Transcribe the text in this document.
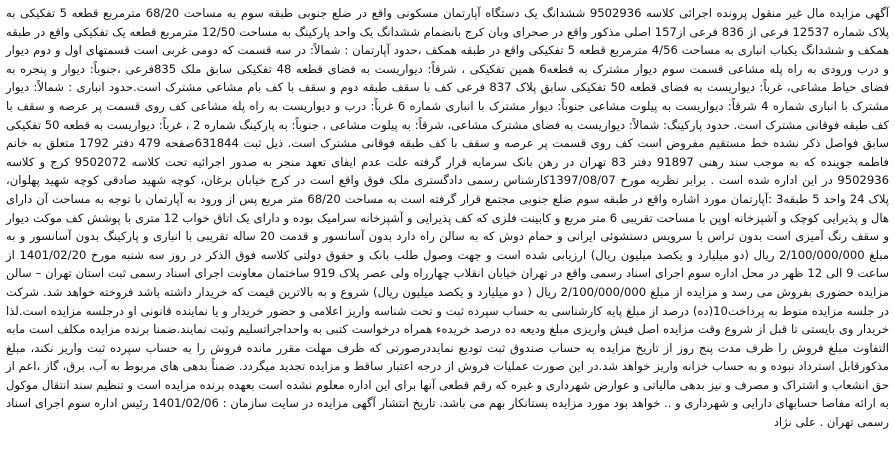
آگهی مزایده مال غیر منقول پرونده اجرائی کلاسه 9502936 ششدانگ یک دستگاه آپارتمان مسکونی واقع در ضلع جنوبی طبقه سوم به مساحت 68/20 مترمربع قطعه 5 تفکیکی به پلاک شماره 12537 فرعی از 836 فرعی از157 اصلی مذکور واقع در صحرای وبان کرج بانضمام ششدانگ یک واحد پارکینگ به مساحت 12/50 مترمربع قطعه یک تفکیکی واقع در طبقه همکف و ششدانگ یکباب انباری به مساحت 4/56 مترمربع قطعه 5 تفکیکی واقع در طبقه همکف ،حدود آپارتمان : شمالاً: در سه قسمت که دومی غربی است قسمتهای اول و دوم دیوار و درب ورودی به راه پله مشاعی قسمت سوم دیوار مشترک به قطعه6 همین تفکیکی ، شرقاً: دیواریست به فضای قطعه 48 تفکیکی سابق ملک 835فرعی ،جنوباً: دیوار و پنجره به فضای حیاط مشاعی، غرباً: دیواریست به فضای قطعه 50 تفکیکی سابق پلاک 837 فرعی کف با سقف طبقه دوم و سقف با کف بام مشاعی مشترک است.حدود انباری : شمالاً: دیوار مشترک با انباری شماره 4 شرقاً: دیواریست به پیلوت مشاعی جنوباً: دیوار مشترک با انباری شماره 6 غرباً: درب و دیواریست به راه پله مشاعی کف روی قسمت پر عرصه و سقف با کف طبقه فوقانی مشترک است. حدود پارکینگ: شمالاً: دیواریست به فضای مشترک مشاعی، شرقاً: به پیلوت مشاعی ، جنوباً: به پارکینگ شماره 2 ، غرباً: دیواریست به قطعه 50 تفکیکی سابق فواصل ذکر نشده خط مستقیم مفروض است کف روی قسمت پر عرصه و سقف با کف طبقه فوقانی مشترک است. ذیل ثبت 631844صفحه 479 دفتر 1792 متعلق به خانم فاطمه جوینده که به موجب سند رهنی 91897 دفتر 83 تهران در رهن بانک سرمایه قرار گرفته علت عدم ایفای تعهد منجر به صدور اجرائیه تحت کلاسه 9502072 کرج و کلاسه 9502936 در این اداره شده است . برابر نظریه مورخ 1397/08/07کارشناس رسمی دادگستری ملک فوق واقع است در کرج خیابان برغان، کوچه شهید صادقی کوچه شهید پهلوان، پلاک 24 واحد 5 طبقه3 :آپارتمان مورد اشاره واقع در طبقه سوم ضلع جنوبی مجتمع قرار گرفته است به مساحت 68/20 متر مربع پس از ورود به آپارتمان با توجه به مساحت آن دارای هال و پذیرایی کوچک و آشپزخانه اوپن با مساحت تقریبی 6 متر مربع و کابینت فلزی که کف پذیرایی و آشپزخانه سرامیک بوده و دارای یک اتاق خواب 12 متری با پوشش کف موکت دیوار و سقف رنگ آمیزی است بدون تراس با سرویس دستشوئی ایرانی و حمام دوش که به سالن راه دارد بدون آسانسور و قدمت 20 ساله تقریبی با انباری و پارکینگ بدون آسانسور و به مبلغ 2/100/000/000 ریال (دو میلیارد و یکصد میلیون ریال) ارزیابی شده است و جهت وصول طلب بانک و حقوق دولتی کلاسه فوق الذکر در روز سه شنبه مورخ 1401/02/20 از ساعت 9 الی 12 ظهر در محل اداره سوم اجرای اسناد رسمی واقع در تهران خیابان انقلاب چهارراه ولی عصر پلاک 919 ساختمان معاونت اجرای اسناد رسمی ثبت استان تهران – سالن مزایده حضوری بفروش می رسد و مزایده از مبلغ 2/100/000/000 ریال ( دو میلیارد و یکصد میلیون ریال) شروع و به بالاترین قیمت که خریدار داشته باشد فروخته خواهد شد. شرکت در جلسه مزایده منوط به پرداخت10(ده) درصد از مبلغ پایه کارشناسی به حساب سپرده ثبت و تحت شناسه واریز اعلامی و حضور خریدار و یا نماینده قانونی او درجلسه مزایده است.لذا خریدار وی بایستی تا قبل از شروع وقت مزایده اصل فیش واریزی مبلغ ودیعه ده درصد خریدهء همراه درخواست کتبی به واحداجراتسلیم وثبت نمایند.ضمنا برنده مزایده مکلف است مابه التفاوت مبلغ فروش را ظرف مدت پنج روز از تاریخ مزایده به حساب صندوق ثبت توديع نمایددرصورتی که ظرف مهلت مقرر مانده فروش را به حساب سپرده ثبت واریز نکند، مبلغ مذکورقابل استرداد نبوده و به حساب خزانه واریز خواهد شد.در این صورت عملیات فروش از درجه اعتبار ساقط و مزایده تجدید میگردد. ضمناً بدهی های مربوط به آب، برق، گاز ،اعم از حق انشعاب و اشتراک و مصرف و نیز بدهی مالیاتی و عوارض شهرداری و غیره که رقم قطعی آنها برای این اداره معلوم نشده است بعهده برنده مزایده است و تنظیم سند انتقال موکول به ارائه مفاصا حسابهای دارایی و شهرداری و .. خواهد بود مورد مزایده بستانکار بهم می باشد. تاریخ انتشار آگهی مزایده در سایت سازمان : 1401/02/06 رئیس اداره سوم اجرای اسناد رسمی تهران . علی نژاد
